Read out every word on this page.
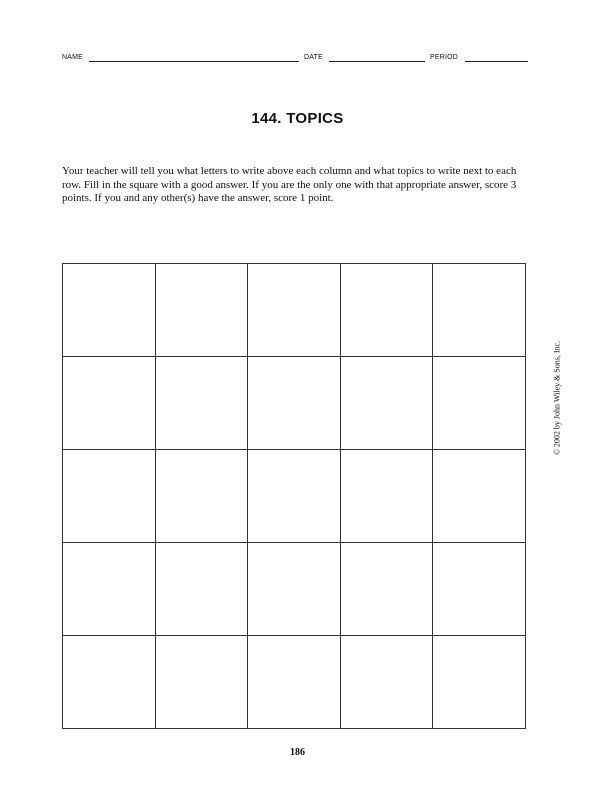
NAME	DATE	PERIOD
144. TOPICS
Your teacher will tell you what letters to write above each column and what topics to write next to each row. Fill in the square with a good answer. If you are the only one with that appropriate answer, score 3 points. If you and any other(s) have the answer, score 1 point.

© 2002 by John Wiley & Sons, Inc.
186
